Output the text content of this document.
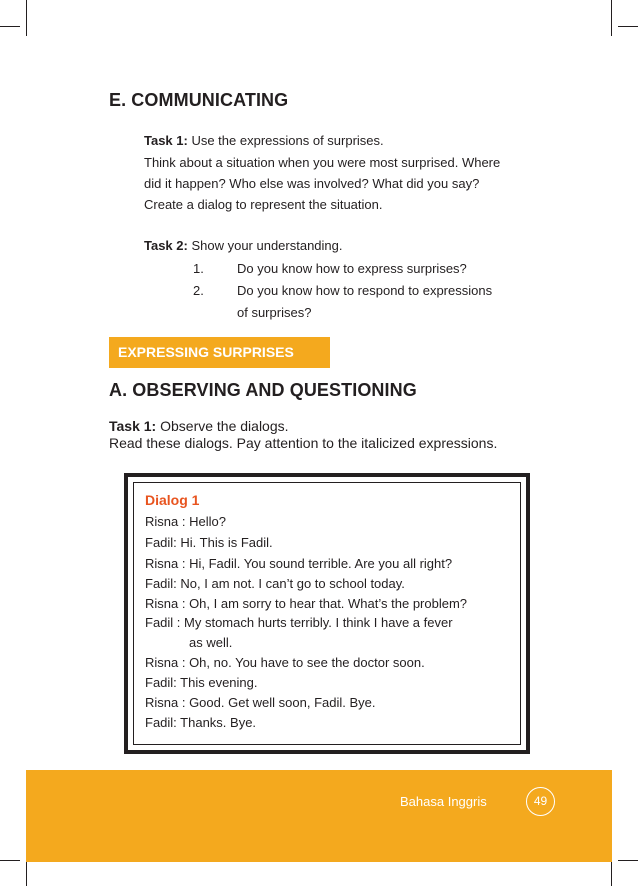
E. COMMUNICATING
Task 1: Use the expressions of surprises.
Think about a situation when you were most surprised. Where
did it happen? Who else was involved? What did you say?
Create a dialog to represent the situation.
Task 2: Show your understanding.
1.	Do you know how to express surprises?
2.	Do you know how to respond to expressions
of surprises?
EXPRESSING SURPRISES
A. OBSERVING AND QUESTIONING
Task 1: Observe the dialogs.
Read these dialogs. Pay attention to the italicized expressions.
Dialog 1
Risna : Hello?
Fadil: Hi. This is Fadil.
Risna : Hi, Fadil. You sound terrible. Are you all right?
Fadil: No, I am not. I can’t go to school today.
Risna : Oh, I am sorry to hear that. What’s the problem?
Fadil : My stomach hurts terribly. I think I have a fever
as well.
Risna : Oh, no. You have to see the doctor soon.
Fadil: This evening.
Risna : Good. Get well soon, Fadil. Bye.
Fadil: Thanks. Bye.
Bahasa Inggris	49
